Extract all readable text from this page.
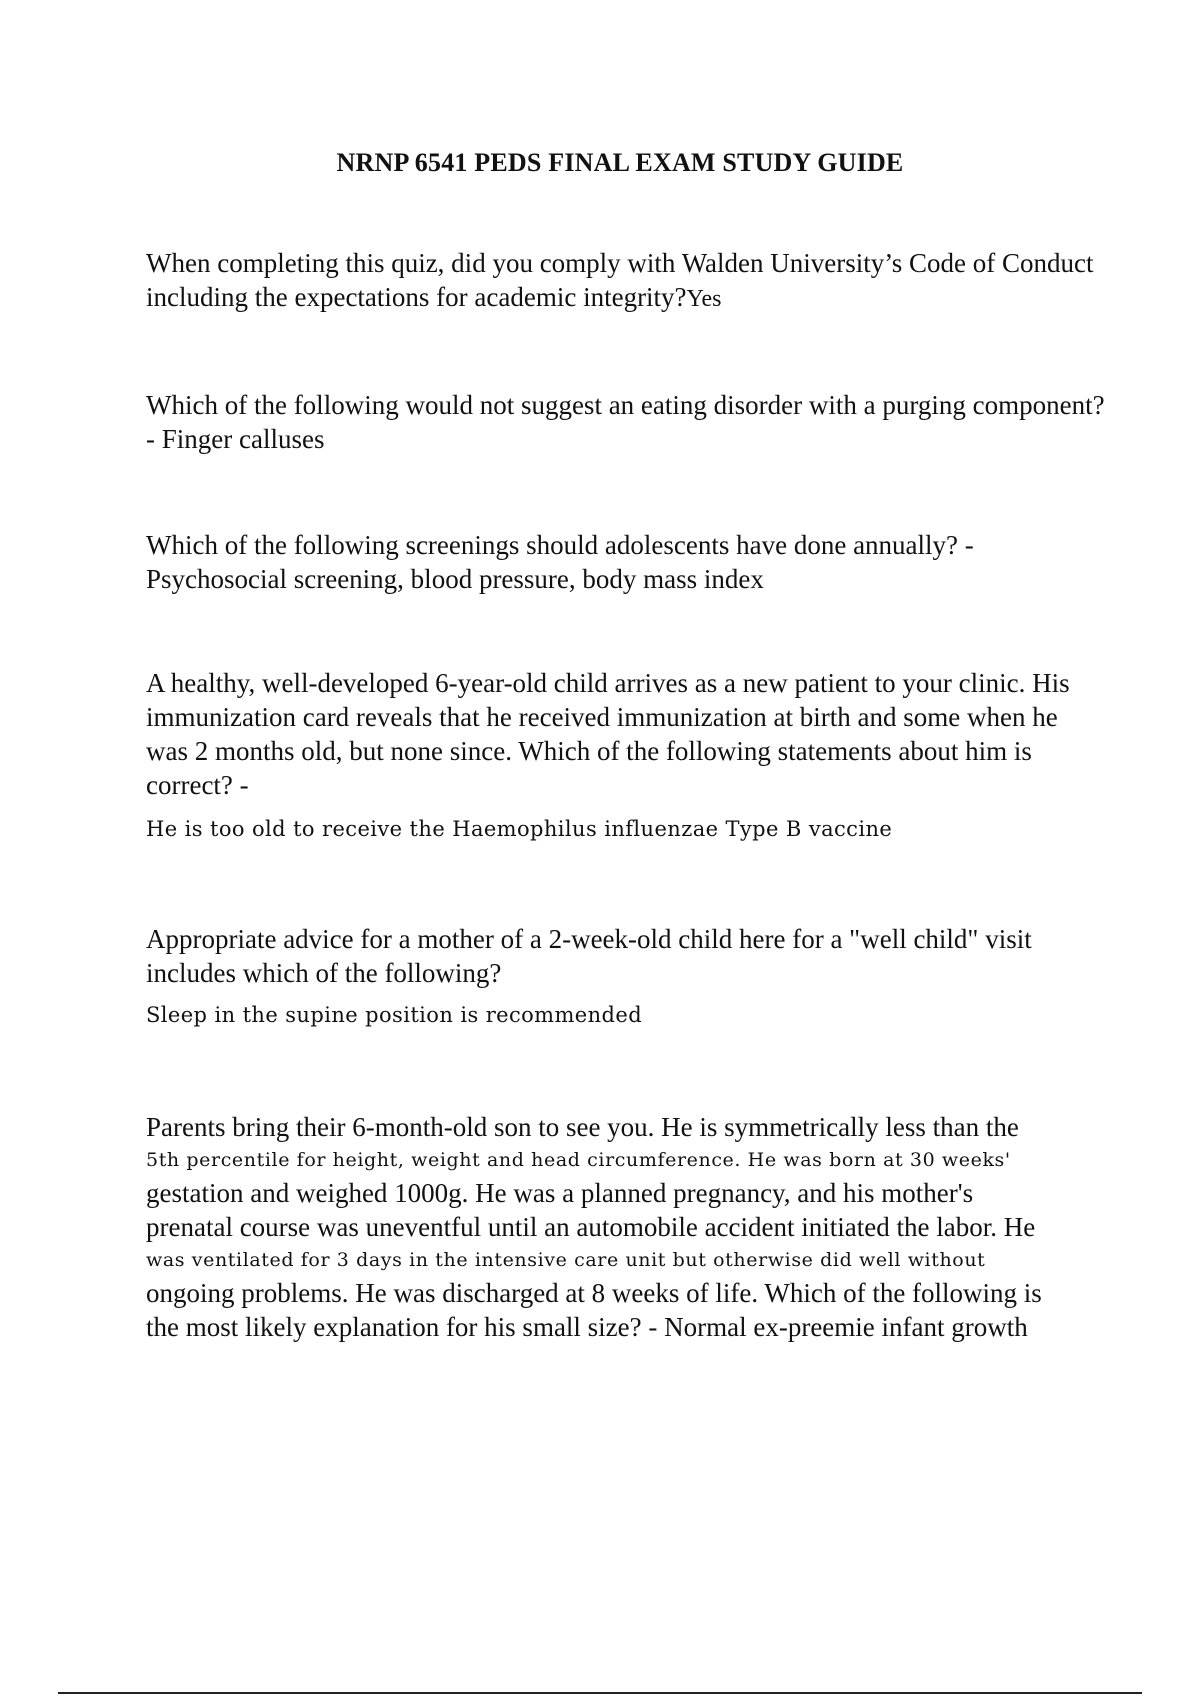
NRNP 6541 PEDS FINAL EXAM STUDY GUIDE

When completing this quiz, did you comply with Walden University’s Code of Conduct including the expectations for academic integrity?Yes

Which of the following would not suggest an eating disorder with a purging component? - Finger calluses

Which of the following screenings should adolescents have done annually? - Psychosocial screening, blood pressure, body mass index

A healthy, well-developed 6-year-old child arrives as a new patient to your clinic. His immunization card reveals that he received immunization at birth and some when he was 2 months old, but none since. Which of the following statements about him is correct? -

He is too old to receive the Haemophilus influenzae Type B vaccine

Appropriate advice for a mother of a 2-week-old child here for a "well child" visit includes which of the following?

Sleep in the supine position is recommended

Parents bring their 6-month-old son to see you. He is symmetrically less than the
5th percentile for height, weight and head circumference. He was born at 30 weeks'
gestation and weighed 1000g. He was a planned pregnancy, and his mother's
prenatal course was uneventful until an automobile accident initiated the labor. He
was ventilated for 3 days in the intensive care unit but otherwise did well without
ongoing problems. He was discharged at 8 weeks of life. Which of the following is
the most likely explanation for his small size? - Normal ex-preemie infant growth
